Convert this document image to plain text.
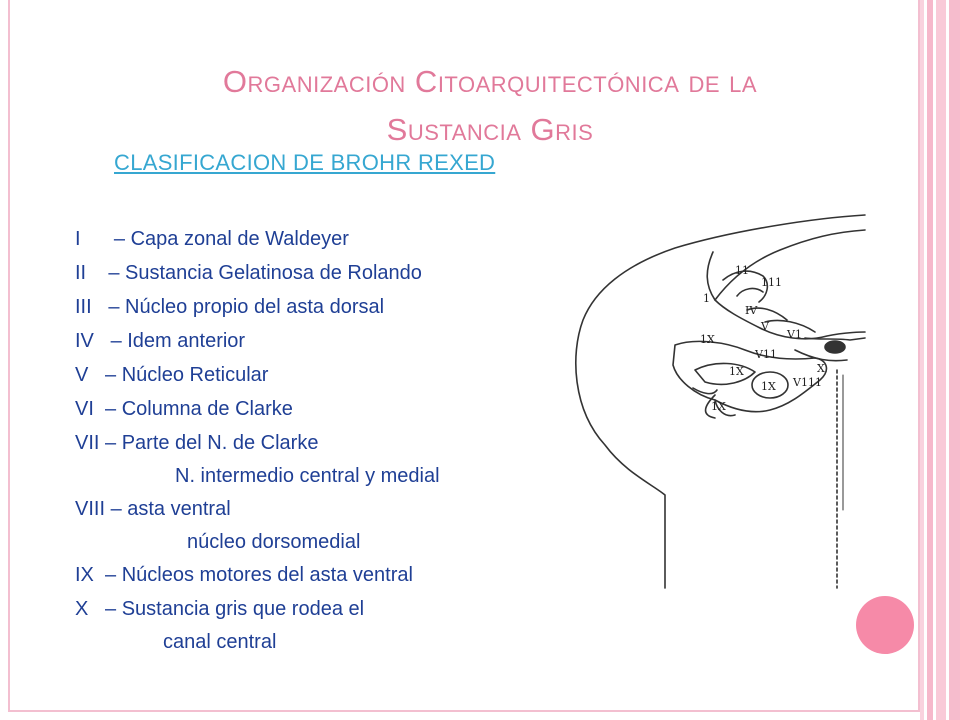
Organización Citoarquitectónica de la
Sustancia Gris
CLASIFICACION DE BROHR REXED
I      – Capa zonal de Waldeyer
II    – Sustancia Gelatinosa de Rolando
III   – Núcleo propio del asta dorsal
IV   – Idem anterior
V   – Núcleo Reticular
VI  – Columna de Clarke
VII – Parte del N. de Clarke
N. intermedio central y medial
VIII – asta ventral
núcleo dorsomedial
IX  – Núcleos motores del asta ventral
X   – Sustancia gris que rodea el
canal central
11
111
1
IV
V
V1
V11
V111
1X
1X
1X
1X
X
